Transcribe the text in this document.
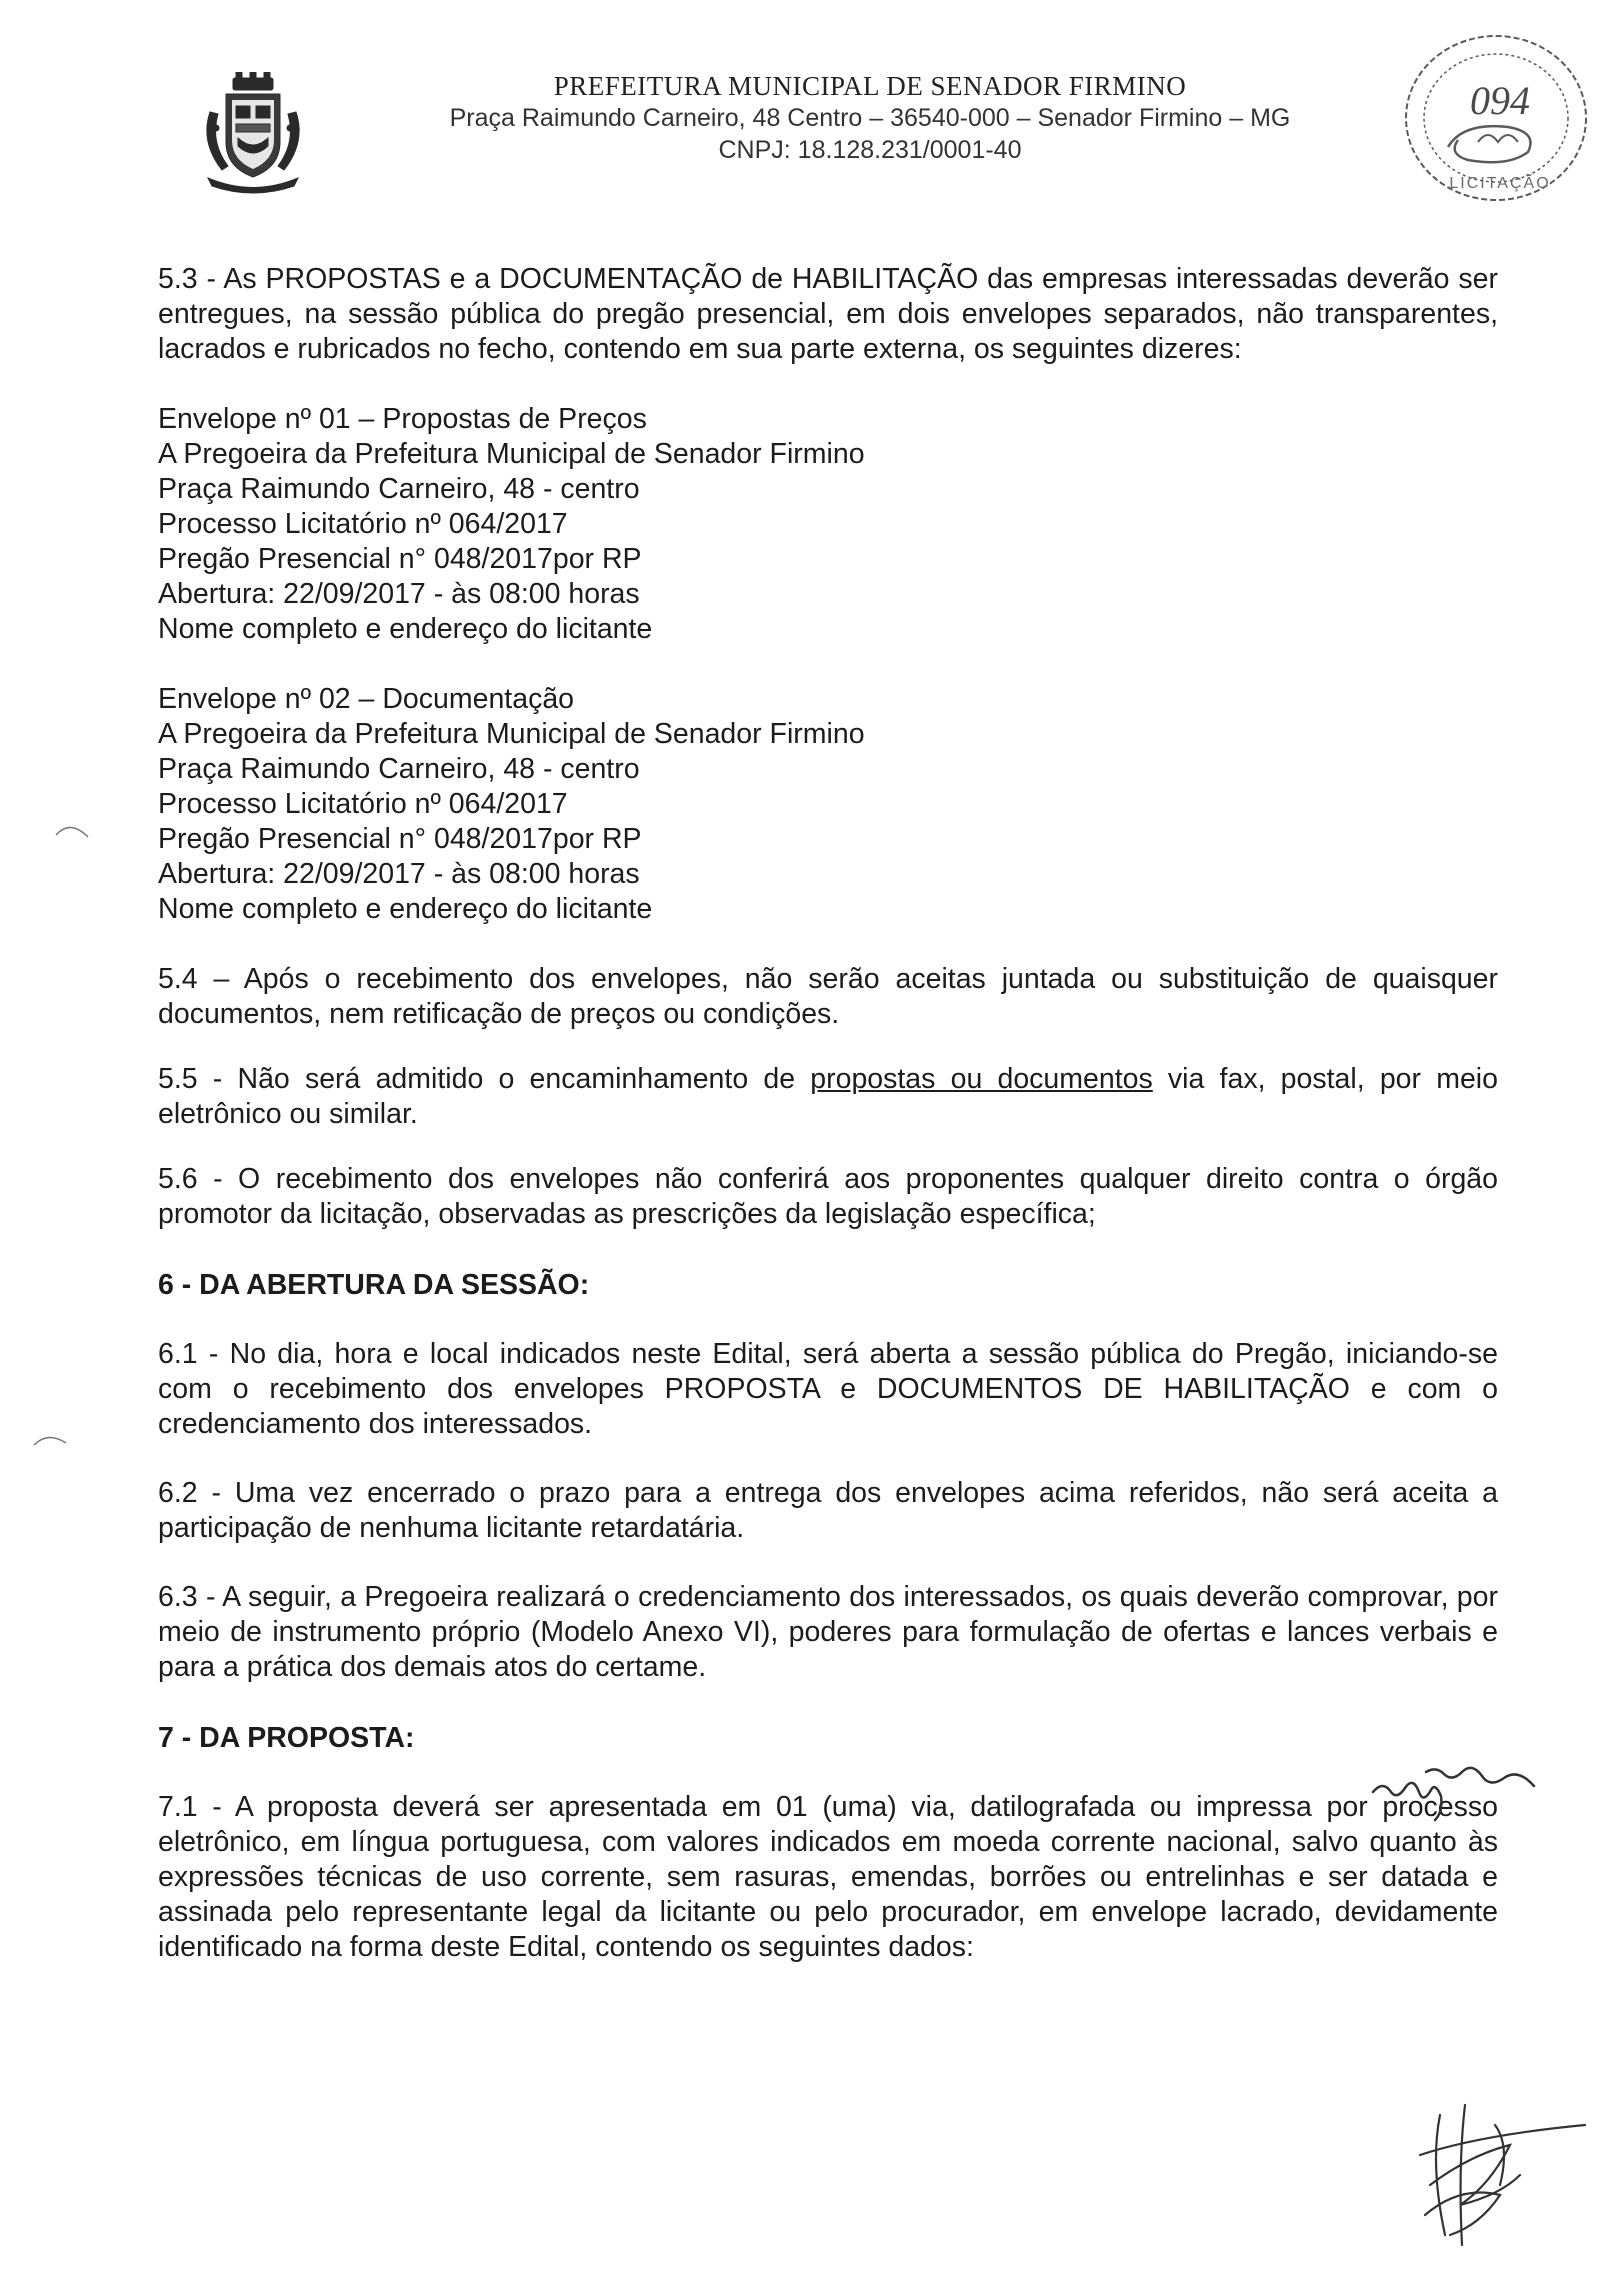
PREFEITURA MUNICIPAL DE SENADOR FIRMINO
Praça Raimundo Carneiro, 48 Centro – 36540-000 – Senador Firmino – MG
CNPJ: 18.128.231/0001-40
094
LICITAÇÃO

5.3 - As PROPOSTAS e a DOCUMENTAÇÃO de HABILITAÇÃO das empresas interessadas deverão ser entregues, na sessão pública do pregão presencial, em dois envelopes separados, não transparentes, lacrados e rubricados no fecho, contendo em sua parte externa, os seguintes dizeres:

Envelope nº 01 – Propostas de Preços
A Pregoeira da Prefeitura Municipal de Senador Firmino
Praça Raimundo Carneiro, 48 - centro
Processo Licitatório nº 064/2017
Pregão Presencial n° 048/2017por RP
Abertura: 22/09/2017 - às 08:00 horas
Nome completo e endereço do licitante
Envelope nº 02 – Documentação
A Pregoeira da Prefeitura Municipal de Senador Firmino
Praça Raimundo Carneiro, 48 - centro
Processo Licitatório nº 064/2017
Pregão Presencial n° 048/2017por RP
Abertura: 22/09/2017 - às 08:00 horas
Nome completo e endereço do licitante

5.4 – Após o recebimento dos envelopes, não serão aceitas juntada ou substituição de quaisquer documentos, nem retificação de preços ou condições.

5.5 - Não será admitido o encaminhamento de propostas ou documentos via fax, postal, por meio eletrônico ou similar.

5.6 - O recebimento dos envelopes não conferirá aos proponentes qualquer direito contra o órgão promotor da licitação, observadas as prescrições da legislação específica;

6 - DA ABERTURA DA SESSÃO:

6.1 - No dia, hora e local indicados neste Edital, será aberta a sessão pública do Pregão, iniciando-se com o recebimento dos envelopes PROPOSTA e DOCUMENTOS DE HABILITAÇÃO e com o credenciamento dos interessados.

6.2 - Uma vez encerrado o prazo para a entrega dos envelopes acima referidos, não será aceita a participação de nenhuma licitante retardatária.

6.3 - A seguir, a Pregoeira realizará o credenciamento dos interessados, os quais deverão comprovar, por meio de instrumento próprio (Modelo Anexo VI), poderes para formulação de ofertas e lances verbais e para a prática dos demais atos do certame.

7 - DA PROPOSTA:

7.1 - A proposta deverá ser apresentada em 01 (uma) via, datilografada ou impressa por processo eletrônico, em língua portuguesa, com valores indicados em moeda corrente nacional, salvo quanto às expressões técnicas de uso corrente, sem rasuras, emendas, borrões ou entrelinhas e ser datada e assinada pelo representante legal da licitante ou pelo procurador, em envelope lacrado, devidamente identificado na forma deste Edital, contendo os seguintes dados:
